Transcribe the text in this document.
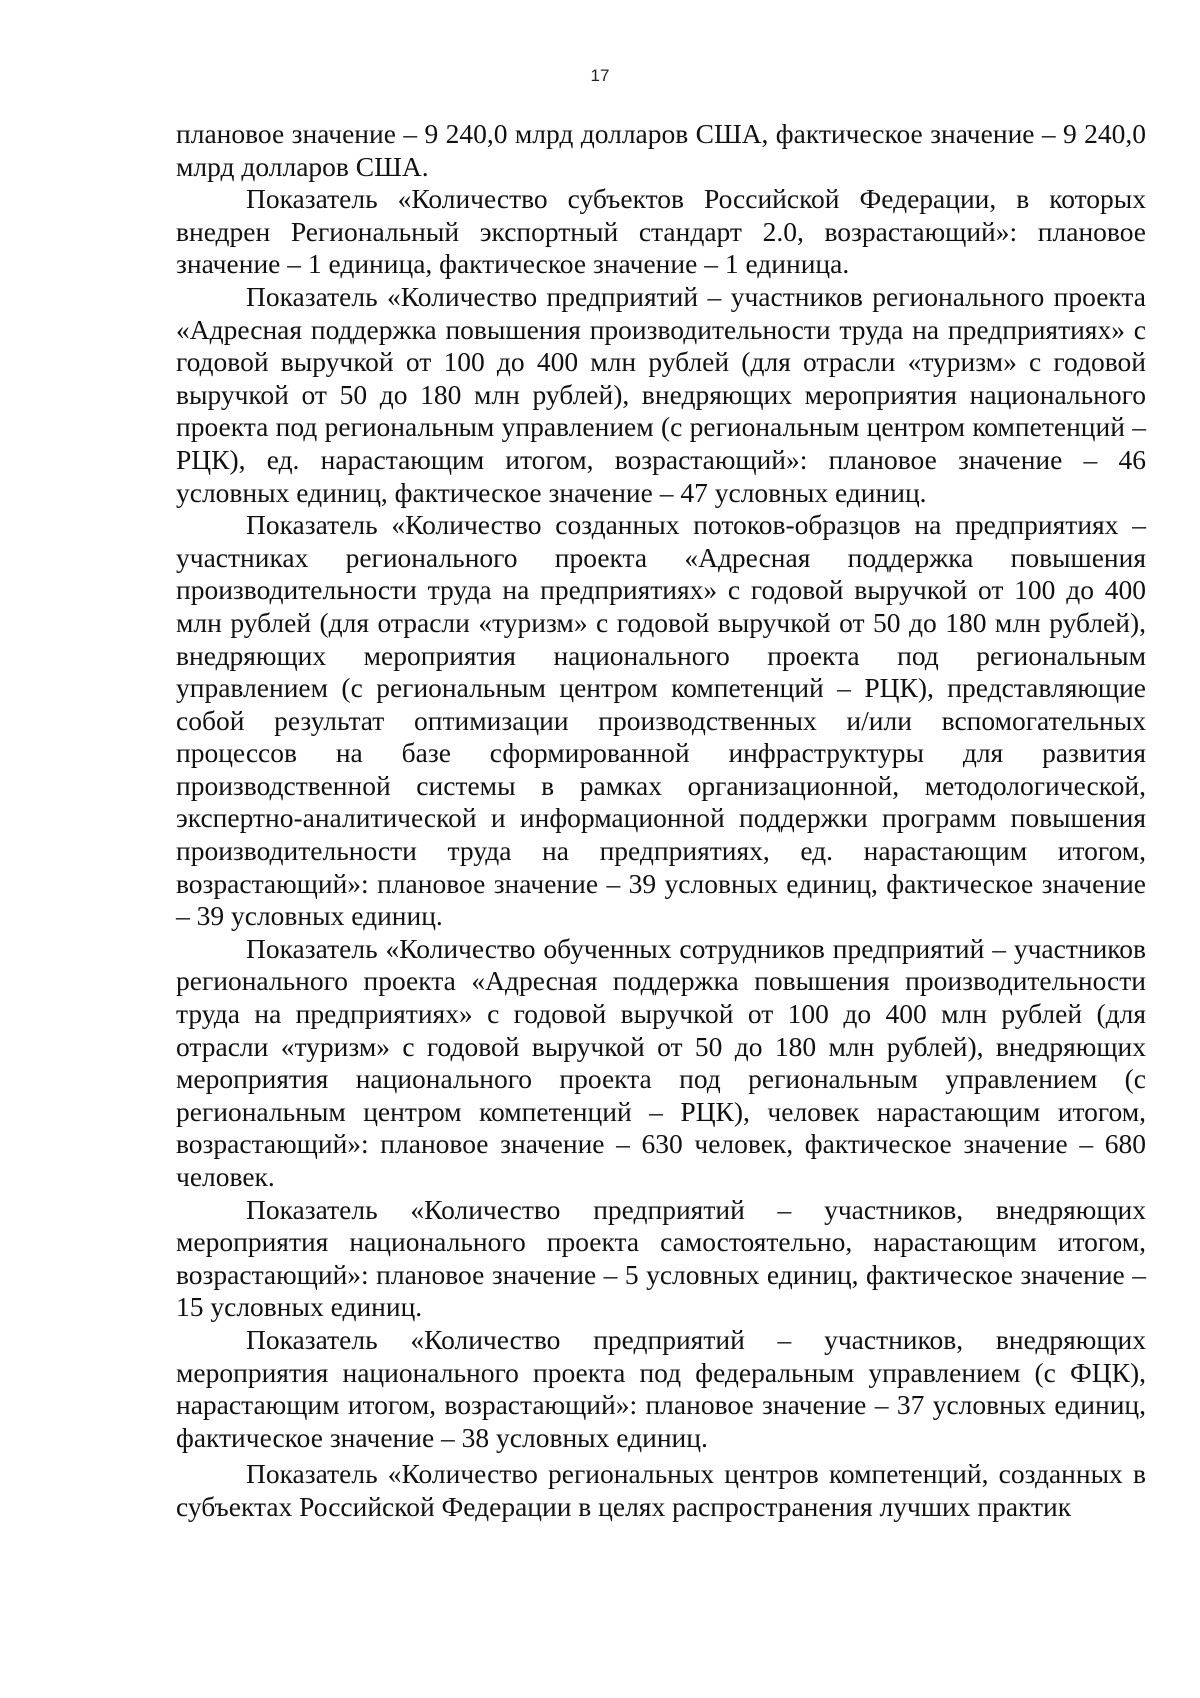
17

плановое значение – 9 240,0 млрд долларов США, фактическое значение – 9 240,0 млрд долларов США.

Показатель «Количество субъектов Российской Федерации, в которых внедрен Региональный экспортный стандарт 2.0, возрастающий»: плановое значение – 1 единица, фактическое значение – 1 единица.

Показатель «Количество предприятий – участников регионального проекта «Адресная поддержка повышения производительности труда на предприятиях» с годовой выручкой от 100 до 400 млн рублей (для отрасли «туризм» с годовой выручкой от 50 до 180 млн рублей), внедряющих мероприятия национального проекта под региональным управлением (с региональным центром компетенций – РЦК), ед. нарастающим итогом, возрастающий»: плановое значение – 46 условных единиц, фактическое значение – 47 условных единиц.

Показатель «Количество созданных потоков-образцов на предприятиях – участниках регионального проекта «Адресная поддержка повышения производительности труда на предприятиях» с годовой выручкой от 100 до 400 млн рублей (для отрасли «туризм» с годовой выручкой от 50 до 180 млн рублей), внедряющих мероприятия национального проекта под региональным управлением (с региональным центром компетенций – РЦК), представляющие собой результат оптимизации производственных и/или вспомогательных процессов на базе сформированной инфраструктуры для развития производственной системы в рамках организационной, методологической, экспертно-аналитической и информационной поддержки программ повышения производительности труда на предприятиях, ед. нарастающим итогом, возрастающий»: плановое значение – 39 условных единиц, фактическое значение – 39 условных единиц.

Показатель «Количество обученных сотрудников предприятий – участников регионального проекта «Адресная поддержка повышения производительности труда на предприятиях» с годовой выручкой от 100 до 400 млн рублей (для отрасли «туризм» с годовой выручкой от 50 до 180 млн рублей), внедряющих мероприятия национального проекта под региональным управлением (с региональным центром компетенций – РЦК), человек нарастающим итогом, возрастающий»: плановое значение – 630 человек, фактическое значение – 680 человек.

Показатель «Количество предприятий – участников, внедряющих мероприятия национального проекта самостоятельно, нарастающим итогом, возрастающий»: плановое значение – 5 условных единиц, фактическое значение – 15 условных единиц.

Показатель «Количество предприятий – участников, внедряющих мероприятия национального проекта под федеральным управлением (с ФЦК), нарастающим итогом, возрастающий»: плановое значение – 37 условных единиц, фактическое значение – 38 условных единиц.

Показатель «Количество региональных центров компетенций, созданных в субъектах Российской Федерации в целях распространения лучших практик
